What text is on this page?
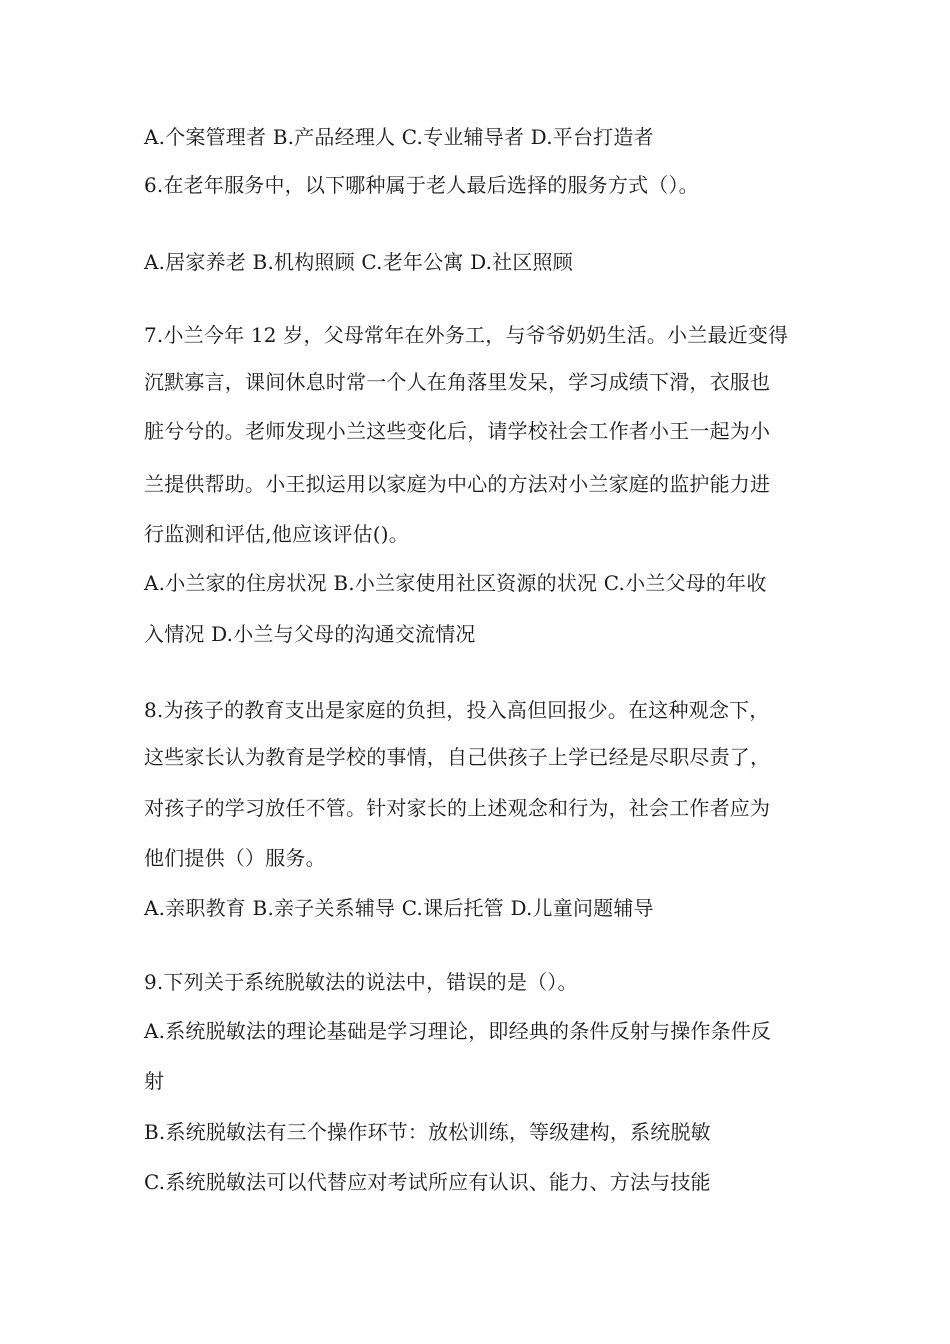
A.个案管理者 B.产品经理人 C.专业辅导者 D.平台打造者
6.在老年服务中，以下哪种属于老人最后选择的服务方式（）。
A.居家养老 B.机构照顾 C.老年公寓 D.社区照顾
7.小兰今年 12 岁，父母常年在外务工，与爷爷奶奶生活。小兰最近变得
沉默寡言，课间休息时常一个人在角落里发呆，学习成绩下滑，衣服也
脏兮兮的。老师发现小兰这些变化后，请学校社会工作者小王一起为小
兰提供帮助。小王拟运用以家庭为中心的方法对小兰家庭的监护能力进
行监测和评估,他应该评估()。
A.小兰家的住房状况 B.小兰家使用社区资源的状况 C.小兰父母的年收
入情况 D.小兰与父母的沟通交流情况
8.为孩子的教育支出是家庭的负担，投入高但回报少。在这种观念下，
这些家长认为教育是学校的事情，自己供孩子上学已经是尽职尽责了，
对孩子的学习放任不管。针对家长的上述观念和行为，社会工作者应为
他们提供（）服务。
A.亲职教育 B.亲子关系辅导 C.课后托管 D.儿童问题辅导
9.下列关于系统脱敏法的说法中，错误的是（）。
A.系统脱敏法的理论基础是学习理论，即经典的条件反射与操作条件反
射
B.系统脱敏法有三个操作环节：放松训练，等级建构，系统脱敏
C.系统脱敏法可以代替应对考试所应有认识、能力、方法与技能
